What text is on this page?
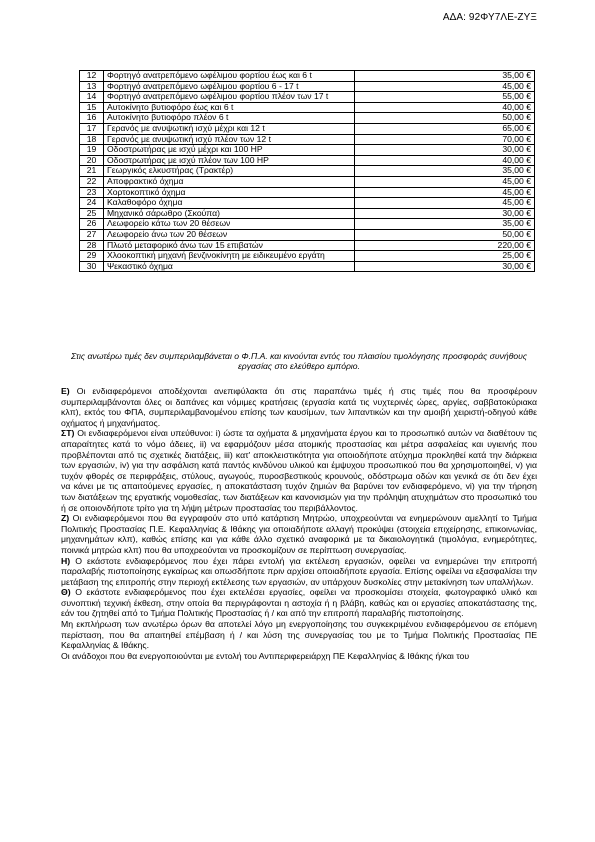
ΑΔΑ: 92ΦΥ7ΛΕ-ΖΥΞ
12	Φορτηγό ανατρεπόμενο ωφέλιμου φορτίου έως και 6 t	35,00 €
13	Φορτηγό ανατρεπόμενο ωφέλιμου φορτίου 6 - 17 t	45,00 €
14	Φορτηγό ανατρεπόμενο ωφέλιμου φορτίου πλέον των 17 t	55,00 €
15	Αυτοκίνητο βυτιοφόρο έως και 6 t	40,00 €
16	Αυτοκίνητο βυτιοφόρο πλέον 6 t	50,00 €
17	Γερανός με ανυψωτική ισχύ μέχρι και 12 t	65,00 €
18	Γερανός με ανυψωτική ισχύ πλέον των 12 t	70,00 €
19	Οδοστρωτήρας με ισχύ μέχρι και 100 HP	30,00 €
20	Οδοστρωτήρας με ισχύ πλέον των 100 HP	40,00 €
21	Γεωργικός ελκυστήρας (Τρακτέρ)	35,00 €
22	Αποφρακτικό όχημα	45,00 €
23	Χορτοκοπτικό όχημα	45,00 €
24	Καλαθοφόρο όχημα	45,00 €
25	Μηχανικό σάρωθρο (Σκούπα)	30,00 €
26	Λεωφορείο κάτω των 20 θέσεων	35,00 €
27	Λεωφορείο άνω των 20 θέσεων	50,00 €
28	Πλωτό μεταφορικό άνω των 15 επιβατών	220,00 €
29	Χλοοκοπτική μηχανή βενζινοκίνητη με ειδικευμένο εργάτη	25,00 €
30	Ψεκαστικό όχημα	30,00 €
Στις ανωτέρω τιμές δεν συμπεριλαμβάνεται ο Φ.Π.Α. και κινούνται εντός του πλαισίου τιμολόγησης προσφοράς συνήθους εργασίας στο ελεύθερο εμπόριο.

Ε) Οι ενδιαφερόμενοι αποδέχονται ανεπιφύλακτα ότι στις παραπάνω τιμές ή στις τιμές που θα προσφέρουν συμπεριλαμβάνονται όλες οι δαπάνες και νόμιμες κρατήσεις (εργασία κατά τις νυχτερινές ώρες, αργίες, σαββατοκύριακα κλπ), εκτός του ΦΠΑ, συμπεριλαμβανομένου επίσης των καυσίμων, των λιπαντικών και την αμοιβή χειριστή-οδηγού κάθε οχήματος ή μηχανήματος.

ΣΤ) Οι ενδιαφερόμενοι είναι υπεύθυνοι: i) ώστε τα οχήματα & μηχανήματα έργου και το προσωπικό αυτών να διαθέτουν τις απαραίτητες κατά το νόμο άδειες, ii) να εφαρμόζουν μέσα ατομικής προστασίας και μέτρα ασφαλείας και υγιεινής που προβλέπονται από τις σχετικές διατάξεις, iii) κατ' αποκλειστικότητα για οποιοδήποτε ατύχημα προκληθεί κατά την διάρκεια των εργασιών, iv) για την ασφάλιση κατά παντός κινδύνου υλικού και έμψυχου προσωπικού που θα χρησιμοποιηθεί, v) για τυχόν φθορές σε περιφράξεις, στύλους, αγωγούς, πυροσβεστικούς κρουνούς, οδόστρωμα οδών και γενικά σε ότι δεν έχει να κάνει με τις απαιτούμενες εργασίες, η αποκατάσταση τυχόν ζημιών θα βαρύνει τον ενδιαφερόμενο, vi) για την τήρηση των διατάξεων της εργατικής νομοθεσίας, των διατάξεων και κανονισμών για την πρόληψη ατυχημάτων στο προσωπικό του ή σε οποιονδήποτε τρίτο για τη λήψη μέτρων προστασίας του περιβάλλοντος.

Ζ) Οι ενδιαφερόμενοι που θα εγγραφούν στο υπό κατάρτιση Μητρώο, υποχρεούνται να ενημερώνουν αμελλητί το Τμήμα Πολιτικής Προστασίας Π.Ε. Κεφαλληνίας & Ιθάκης για οποιαδήποτε αλλαγή προκύψει (στοιχεία επιχείρησης, επικοινωνίας, μηχανημάτων κλπ), καθώς επίσης και για κάθε άλλο σχετικό αναφορικά με τα δικαιολογητικά (τιμολόγια, ενημερότητες, ποινικά μητρώα κλπ) που θα υποχρεούνται να προσκομίζουν σε περίπτωση συνεργασίας.

Η) Ο εκάστοτε ενδιαφερόμενος που έχει πάρει εντολή για εκτέλεση εργασιών, οφείλει να ενημερώνει την επιτροπή παραλαβής πιστοποίησης εγκαίρως και οπωσδήποτε πριν αρχίσει οποιαδήποτε εργασία. Επίσης οφείλει να εξασφαλίσει την μετάβαση της επιτροπής στην περιοχή εκτέλεσης των εργασιών, αν υπάρχουν δυσκολίες στην μετακίνηση των υπαλλήλων.

Θ) Ο εκάστοτε ενδιαφερόμενος που έχει εκτελέσει εργασίες, οφείλει να προσκομίσει στοιχεία, φωτογραφικό υλικό και συνοπτική τεχνική έκθεση, στην οποία θα περιγράφονται η αστοχία ή η βλάβη, καθώς και οι εργασίες αποκατάστασης της, εάν του ζητηθεί από το Τμήμα Πολιτικής Προστασίας ή / και από την επιτροπή παραλαβής πιστοποίησης.

Μη εκπλήρωση των ανωτέρω όρων θα αποτελεί λόγο μη ενεργοποίησης του συγκεκριμένου ενδιαφερόμενου σε επόμενη περίσταση, που θα απαιτηθεί επέμβαση ή / και λύση της συνεργασίας του με το Τμήμα Πολιτικής Προστασίας ΠΕ Κεφαλληνίας & Ιθάκης.

Οι ανάδοχοι που θα ενεργοποιούνται με εντολή του Αντιπεριφερειάρχη ΠΕ Κεφαλληνίας & Ιθάκης ή/και του
